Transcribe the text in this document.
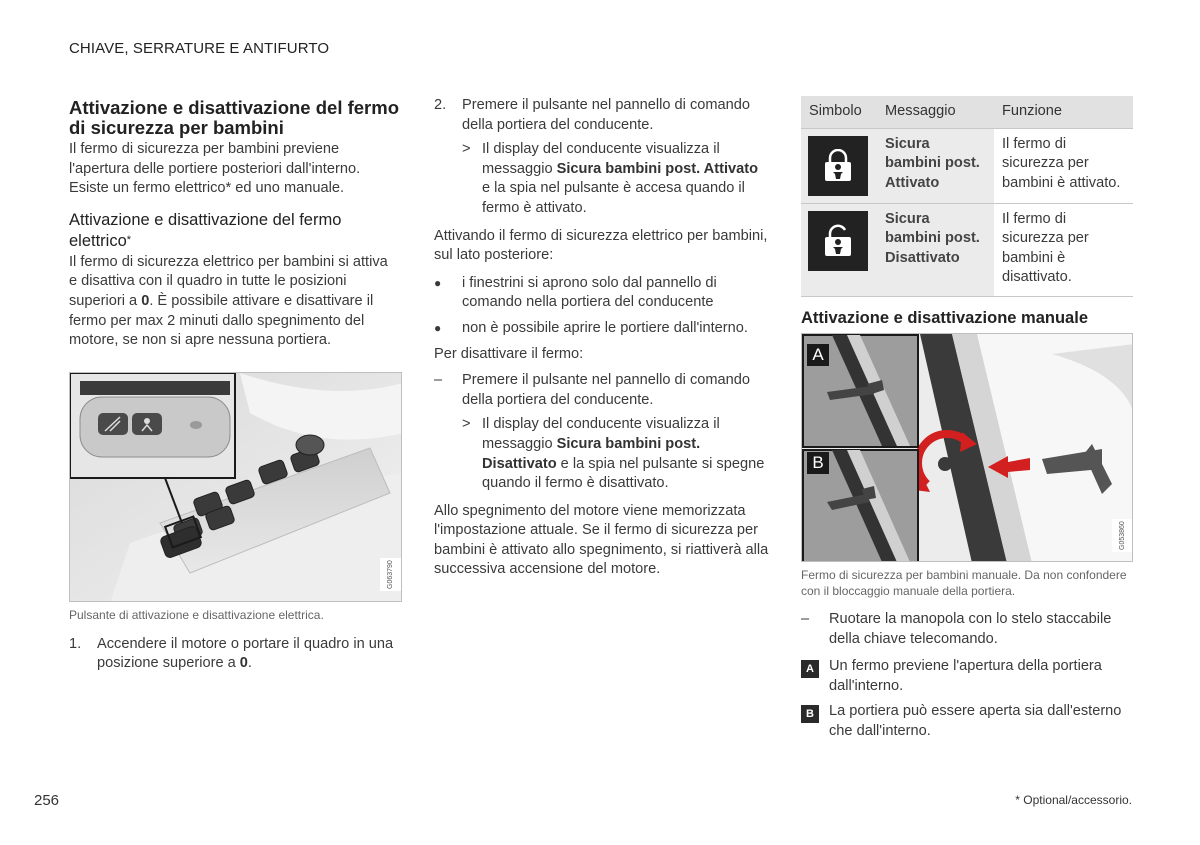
CHIAVE, SERRATURE E ANTIFURTO
Attivazione e disattivazione del fermo di sicurezza per bambini

Il fermo di sicurezza per bambini previene l'apertura delle portiere posteriori dall'interno. Esiste un fermo elettrico* ed uno manuale.

Attivazione e disattivazione del fermo elettrico*

Il fermo di sicurezza elettrico per bambini si attiva e disattiva con il quadro in tutte le posizioni superiori a 0. È possibile attivare e disattivare il fermo per max 2 minuti dallo spegnimento del motore, se non si apre nessuna portiera.

G063790

Pulsante di attivazione e disattivazione elettrica.

1.	Accendere il motore o portare il quadro in una posizione superiore a 0.
2.	Premere il pulsante nel pannello di comando della portiera del conducente.
> Il display del conducente visualizza il messaggio Sicura bambini post. Attivato e la spia nel pulsante è accesa quando il fermo è attivato.

Attivando il fermo di sicurezza elettrico per bambini, sul lato posteriore:

●	i finestrini si aprono solo dal pannello di comando nella portiera del conducente
●	non è possibile aprire le portiere dall'interno.

Per disattivare il fermo:

–	Premere il pulsante nel pannello di comando della portiera del conducente.
> Il display del conducente visualizza il messaggio Sicura bambini post. Disattivato e la spia nel pulsante si spegne quando il fermo è disattivato.

Allo spegnimento del motore viene memorizzata l'impostazione attuale. Se il fermo di sicurezza per bambini è attivato allo spegnimento, si riattiverà alla successiva accensione del motore.

Simbolo	Messaggio	Funzione

	Sicura bambini post. Attivato	Il fermo di sicurezza per bambini è attivato.

	Sicura bambini post. Disattivato	Il fermo di sicurezza per bambini è disattivato.
Attivazione e disattivazione manuale
A
B
G053860

Fermo di sicurezza per bambini manuale. Da non confondere con il bloccaggio manuale della portiera.

–	Ruotare la manopola con lo stelo staccabile della chiave telecomando.
A	Un fermo previene l'apertura della portiera dall'interno.
B	La portiera può essere aperta sia dall'esterno che dall'interno.
256	* Optional/accessorio.
